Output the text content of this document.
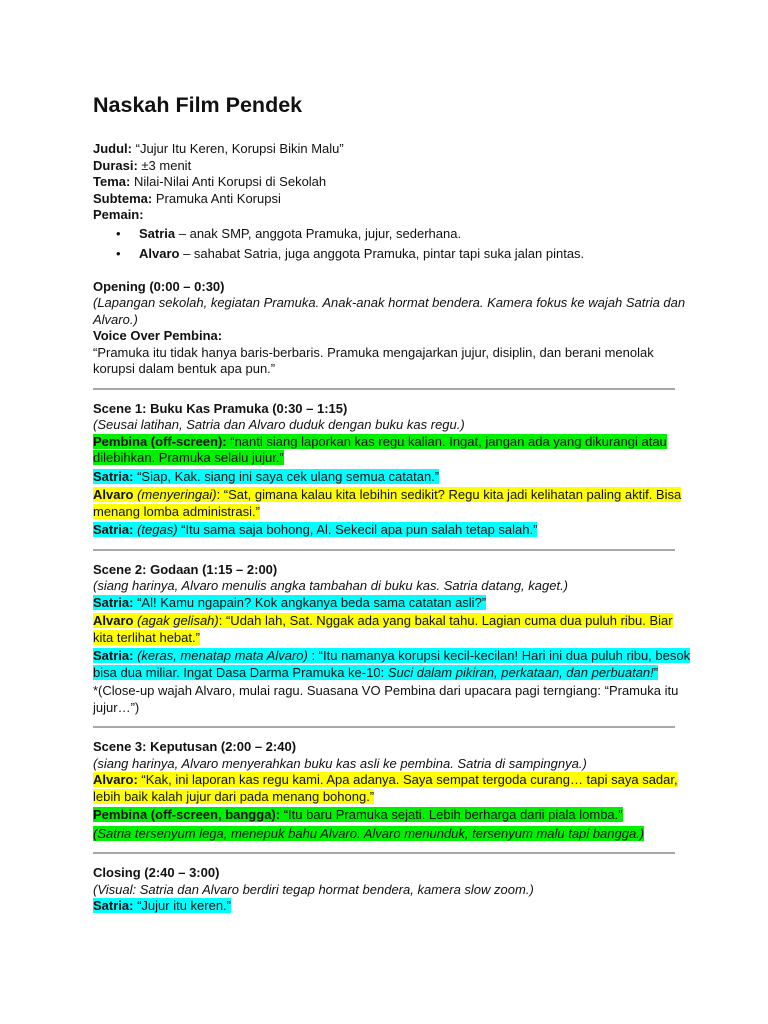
Naskah Film Pendek

Judul: “Jujur Itu Keren, Korupsi Bikin Malu”

Durasi: ±3 menit

Tema: Nilai-Nilai Anti Korupsi di Sekolah

Subtema: Pramuka Anti Korupsi

Pemain:

• Satria – anak SMP, anggota Pramuka, jujur, sederhana.
• Alvaro – sahabat Satria, juga anggota Pramuka, pintar tapi suka jalan pintas.

Opening (0:00 – 0:30)

(Lapangan sekolah, kegiatan Pramuka. Anak-anak hormat bendera. Kamera fokus ke wajah Satria dan Alvaro.)

Voice Over Pembina:

“Pramuka itu tidak hanya baris-berbaris. Pramuka mengajarkan jujur, disiplin, dan berani menolak korupsi dalam bentuk apa pun.”

Scene 1: Buku Kas Pramuka (0:30 – 1:15)

(Seusai latihan, Satria dan Alvaro duduk dengan buku kas regu.)

Pembina (off-screen): “nanti siang laporkan kas regu kalian. Ingat, jangan ada yang dikurangi atau dilebihkan. Pramuka selalu jujur.”

Satria: “Siap, Kak. siang ini saya cek ulang semua catatan.”

Alvaro (menyeringai): “Sat, gimana kalau kita lebihin sedikit? Regu kita jadi kelihatan paling aktif. Bisa menang lomba administrasi.”

Satria: (tegas) “Itu sama saja bohong, Al. Sekecil apa pun salah tetap salah.”

Scene 2: Godaan (1:15 – 2:00)

(siang harinya, Alvaro menulis angka tambahan di buku kas. Satria datang, kaget.)

Satria: “Al! Kamu ngapain? Kok angkanya beda sama catatan asli?”

Alvaro (agak gelisah): “Udah lah, Sat. Nggak ada yang bakal tahu. Lagian cuma dua puluh ribu. Biar kita terlihat hebat.”

Satria: (keras, menatap mata Alvaro) : “Itu namanya korupsi kecil-kecilan! Hari ini dua puluh ribu, besok bisa dua miliar. Ingat Dasa Darma Pramuka ke-10: Suci dalam pikiran, perkataan, dan perbuatan!”

*(Close-up wajah Alvaro, mulai ragu. Suasana VO Pembina dari upacara pagi terngiang: “Pramuka itu jujur…”)

Scene 3: Keputusan (2:00 – 2:40)

(siang harinya, Alvaro menyerahkan buku kas asli ke pembina. Satria di sampingnya.)

Alvaro: “Kak, ini laporan kas regu kami. Apa adanya. Saya sempat tergoda curang… tapi saya sadar, lebih baik kalah jujur dari pada menang bohong.”

Pembina (off-screen, bangga): “Itu baru Pramuka sejati. Lebih berharga darii piala lomba.”

(Satria tersenyum lega, menepuk bahu Alvaro. Alvaro menunduk, tersenyum malu tapi bangga.)

Closing (2:40 – 3:00)

(Visual: Satria dan Alvaro berdiri tegap hormat bendera, kamera slow zoom.)

Satria: “Jujur itu keren.”
